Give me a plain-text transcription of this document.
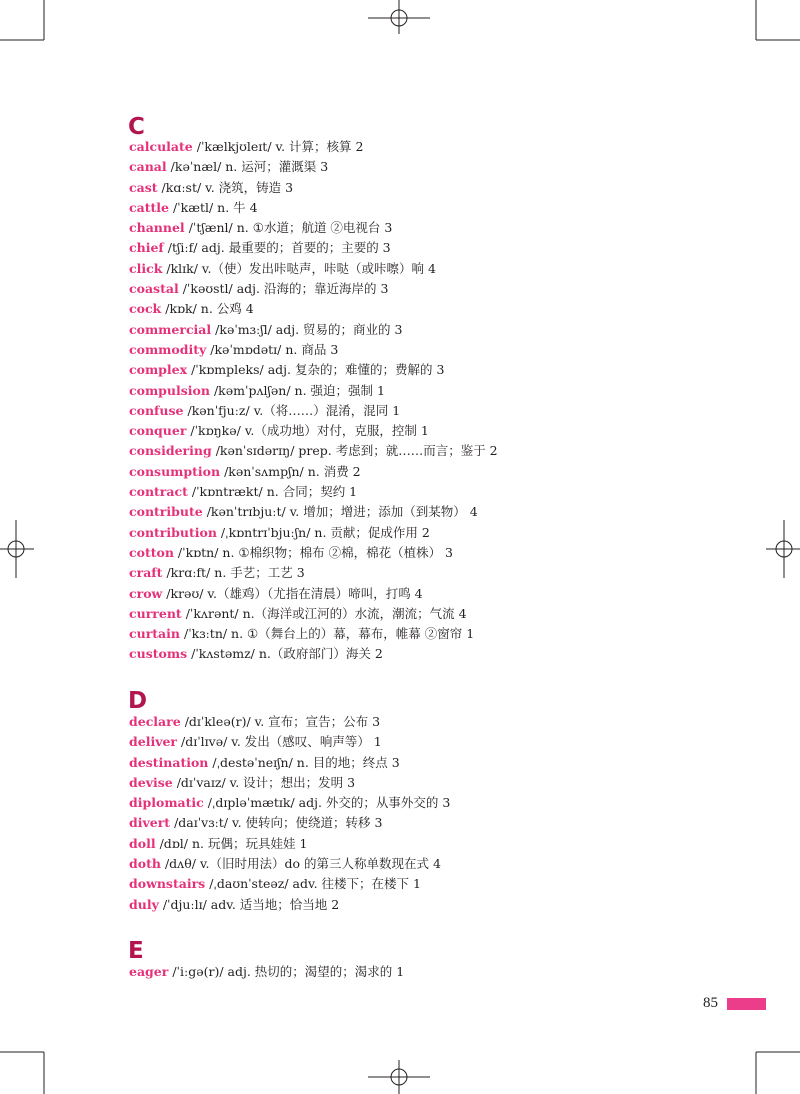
C
calculate /ˈkælkjʊleɪt/ v. 计算；核算 2
canal /kəˈnæl/ n. 运河；灌溉渠 3
cast /kɑːst/ v. 浇筑，铸造 3
cattle /ˈkætl/ n. 牛 4
channel /ˈtʃænl/ n. ①水道；航道 ②电视台 3
chief /tʃiːf/ adj. 最重要的；首要的；主要的 3
click /klɪk/ v.（使）发出咔哒声，咔哒（或咔嚓）响 4
coastal /ˈkəʊstl/ adj. 沿海的；靠近海岸的 3
cock /kɒk/ n. 公鸡 4
commercial /kəˈmɜːʃl/ adj. 贸易的；商业的 3
commodity /kəˈmɒdətɪ/ n. 商品 3
complex /ˈkɒmpleks/ adj. 复杂的；难懂的；费解的 3
compulsion /kəmˈpʌlʃən/ n. 强迫；强制 1
confuse /kənˈfjuːz/ v.（将……）混淆，混同 1
conquer /ˈkɒŋkə/ v.（成功地）对付，克服，控制 1
considering /kənˈsɪdərɪŋ/ prep. 考虑到；就……而言；鉴于 2
consumption /kənˈsʌmpʃn/ n. 消费 2
contract /ˈkɒntrækt/ n. 合同；契约 1
contribute /kənˈtrɪbjuːt/ v. 增加；增进；添加（到某物） 4
contribution /ˌkɒntrɪˈbjuːʃn/ n. 贡献；促成作用 2
cotton /ˈkɒtn/ n. ①棉织物；棉布 ②棉，棉花（植株） 3
craft /krɑːft/ n. 手艺；工艺 3
crow /krəʊ/ v.（雄鸡）（尤指在清晨）啼叫，打鸣 4
current /ˈkʌrənt/ n.（海洋或江河的）水流，潮流；气流 4
curtain /ˈkɜːtn/ n. ①（舞台上的）幕，幕布，帷幕 ②窗帘 1
customs /ˈkʌstəmz/ n.（政府部门）海关 2
D
declare /dɪˈkleə(r)/ v. 宣布；宣告；公布 3
deliver /dɪˈlɪvə/ v. 发出（感叹、响声等） 1
destination /ˌdestəˈneɪʃn/ n. 目的地；终点 3
devise /dɪˈvaɪz/ v. 设计；想出；发明 3
diplomatic /ˌdɪpləˈmætɪk/ adj. 外交的；从事外交的 3
divert /daɪˈvɜːt/ v. 使转向；使绕道；转移 3
doll /dɒl/ n. 玩偶；玩具娃娃 1
doth /dʌθ/ v.（旧时用法）do 的第三人称单数现在式 4
downstairs /ˌdaʊnˈsteəz/ adv. 往楼下；在楼下 1
duly /ˈdjuːlɪ/ adv. 适当地；恰当地 2
E
eager /ˈiːgə(r)/ adj. 热切的；渴望的；渴求的 1
85
